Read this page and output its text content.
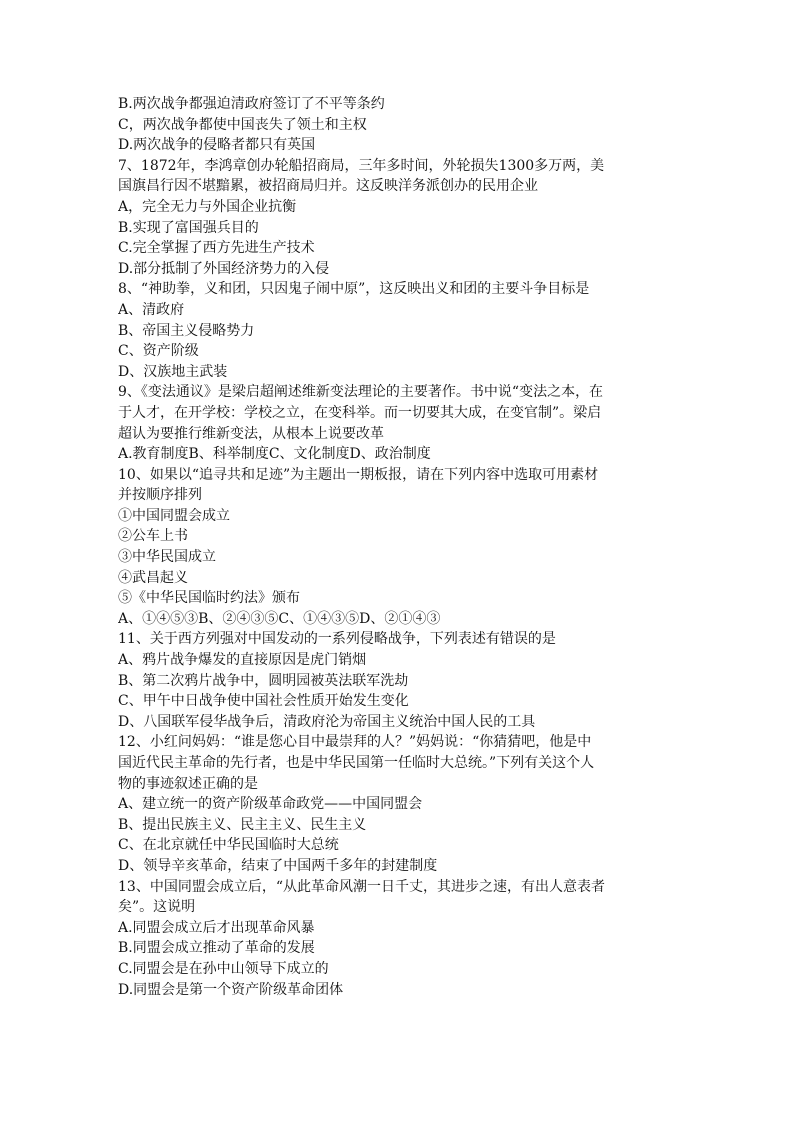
B.两次战争都强迫清政府签订了不平等条约
C，两次战争都使中国丧失了领土和主权
D.两次战争的侵略者都只有英国
7、1872年，李鸿章创办轮船招商局，三年多时间，外轮损失1300多万两，美
国旗昌行因不堪黯累，被招商局归并。这反映洋务派创办的民用企业
A，完全无力与外国企业抗衡
B.实现了富国强兵目的
C.完全掌握了西方先进生产技术
D.部分抵制了外国经济势力的入侵
8、“神助拳，义和团，只因鬼子闹中原”，这反映出义和团的主要斗争目标是
A、清政府
B、帝国主义侵略势力
C、资产阶级
D、汉族地主武装
9、《变法通议》是梁启超阐述维新变法理论的主要著作。书中说“变法之本，在
于人才，在开学校：学校之立，在变科举。而一切要其大成，在变官制”。梁启
超认为要推行维新变法，从根本上说要改革
A.教育制度B、科举制度C、文化制度D、政治制度
10、如果以“追寻共和足迹”为主题出一期板报，请在下列内容中选取可用素材
并按顺序排列
①中国同盟会成立
②公车上书
③中华民国成立
④武昌起义
⑤《中华民国临时约法》颁布
A、①④⑤③B、②④③⑤C、①④③⑤D、②①④③
11、关于西方列强对中国发动的一系列侵略战争，下列表述有错误的是
A、鸦片战争爆发的直接原因是虎门销烟
B、第二次鸦片战争中，圆明园被英法联军洗劫
C、甲午中日战争使中国社会性质开始发生变化
D、八国联军侵华战争后，清政府沦为帝国主义统治中国人民的工具
12、小红问妈妈：“谁是您心目中最崇拜的人？”妈妈说：“你猜猜吧，他是中
国近代民主革命的先行者，也是中华民国第一任临时大总统。”下列有关这个人
物的事迹叙述正确的是
A、建立统一的资产阶级革命政党——中国同盟会
B、提出民族主义、民主主义、民生主义
C、在北京就任中华民国临时大总统
D、领导辛亥革命，结束了中国两千多年的封建制度
13、中国同盟会成立后，“从此革命风潮一日千丈，其进步之速，有出人意表者
矣”。这说明
A.同盟会成立后才出现革命风暴
B.同盟会成立推动了革命的发展
C.同盟会是在孙中山领导下成立的
D.同盟会是第一个资产阶级革命团体
